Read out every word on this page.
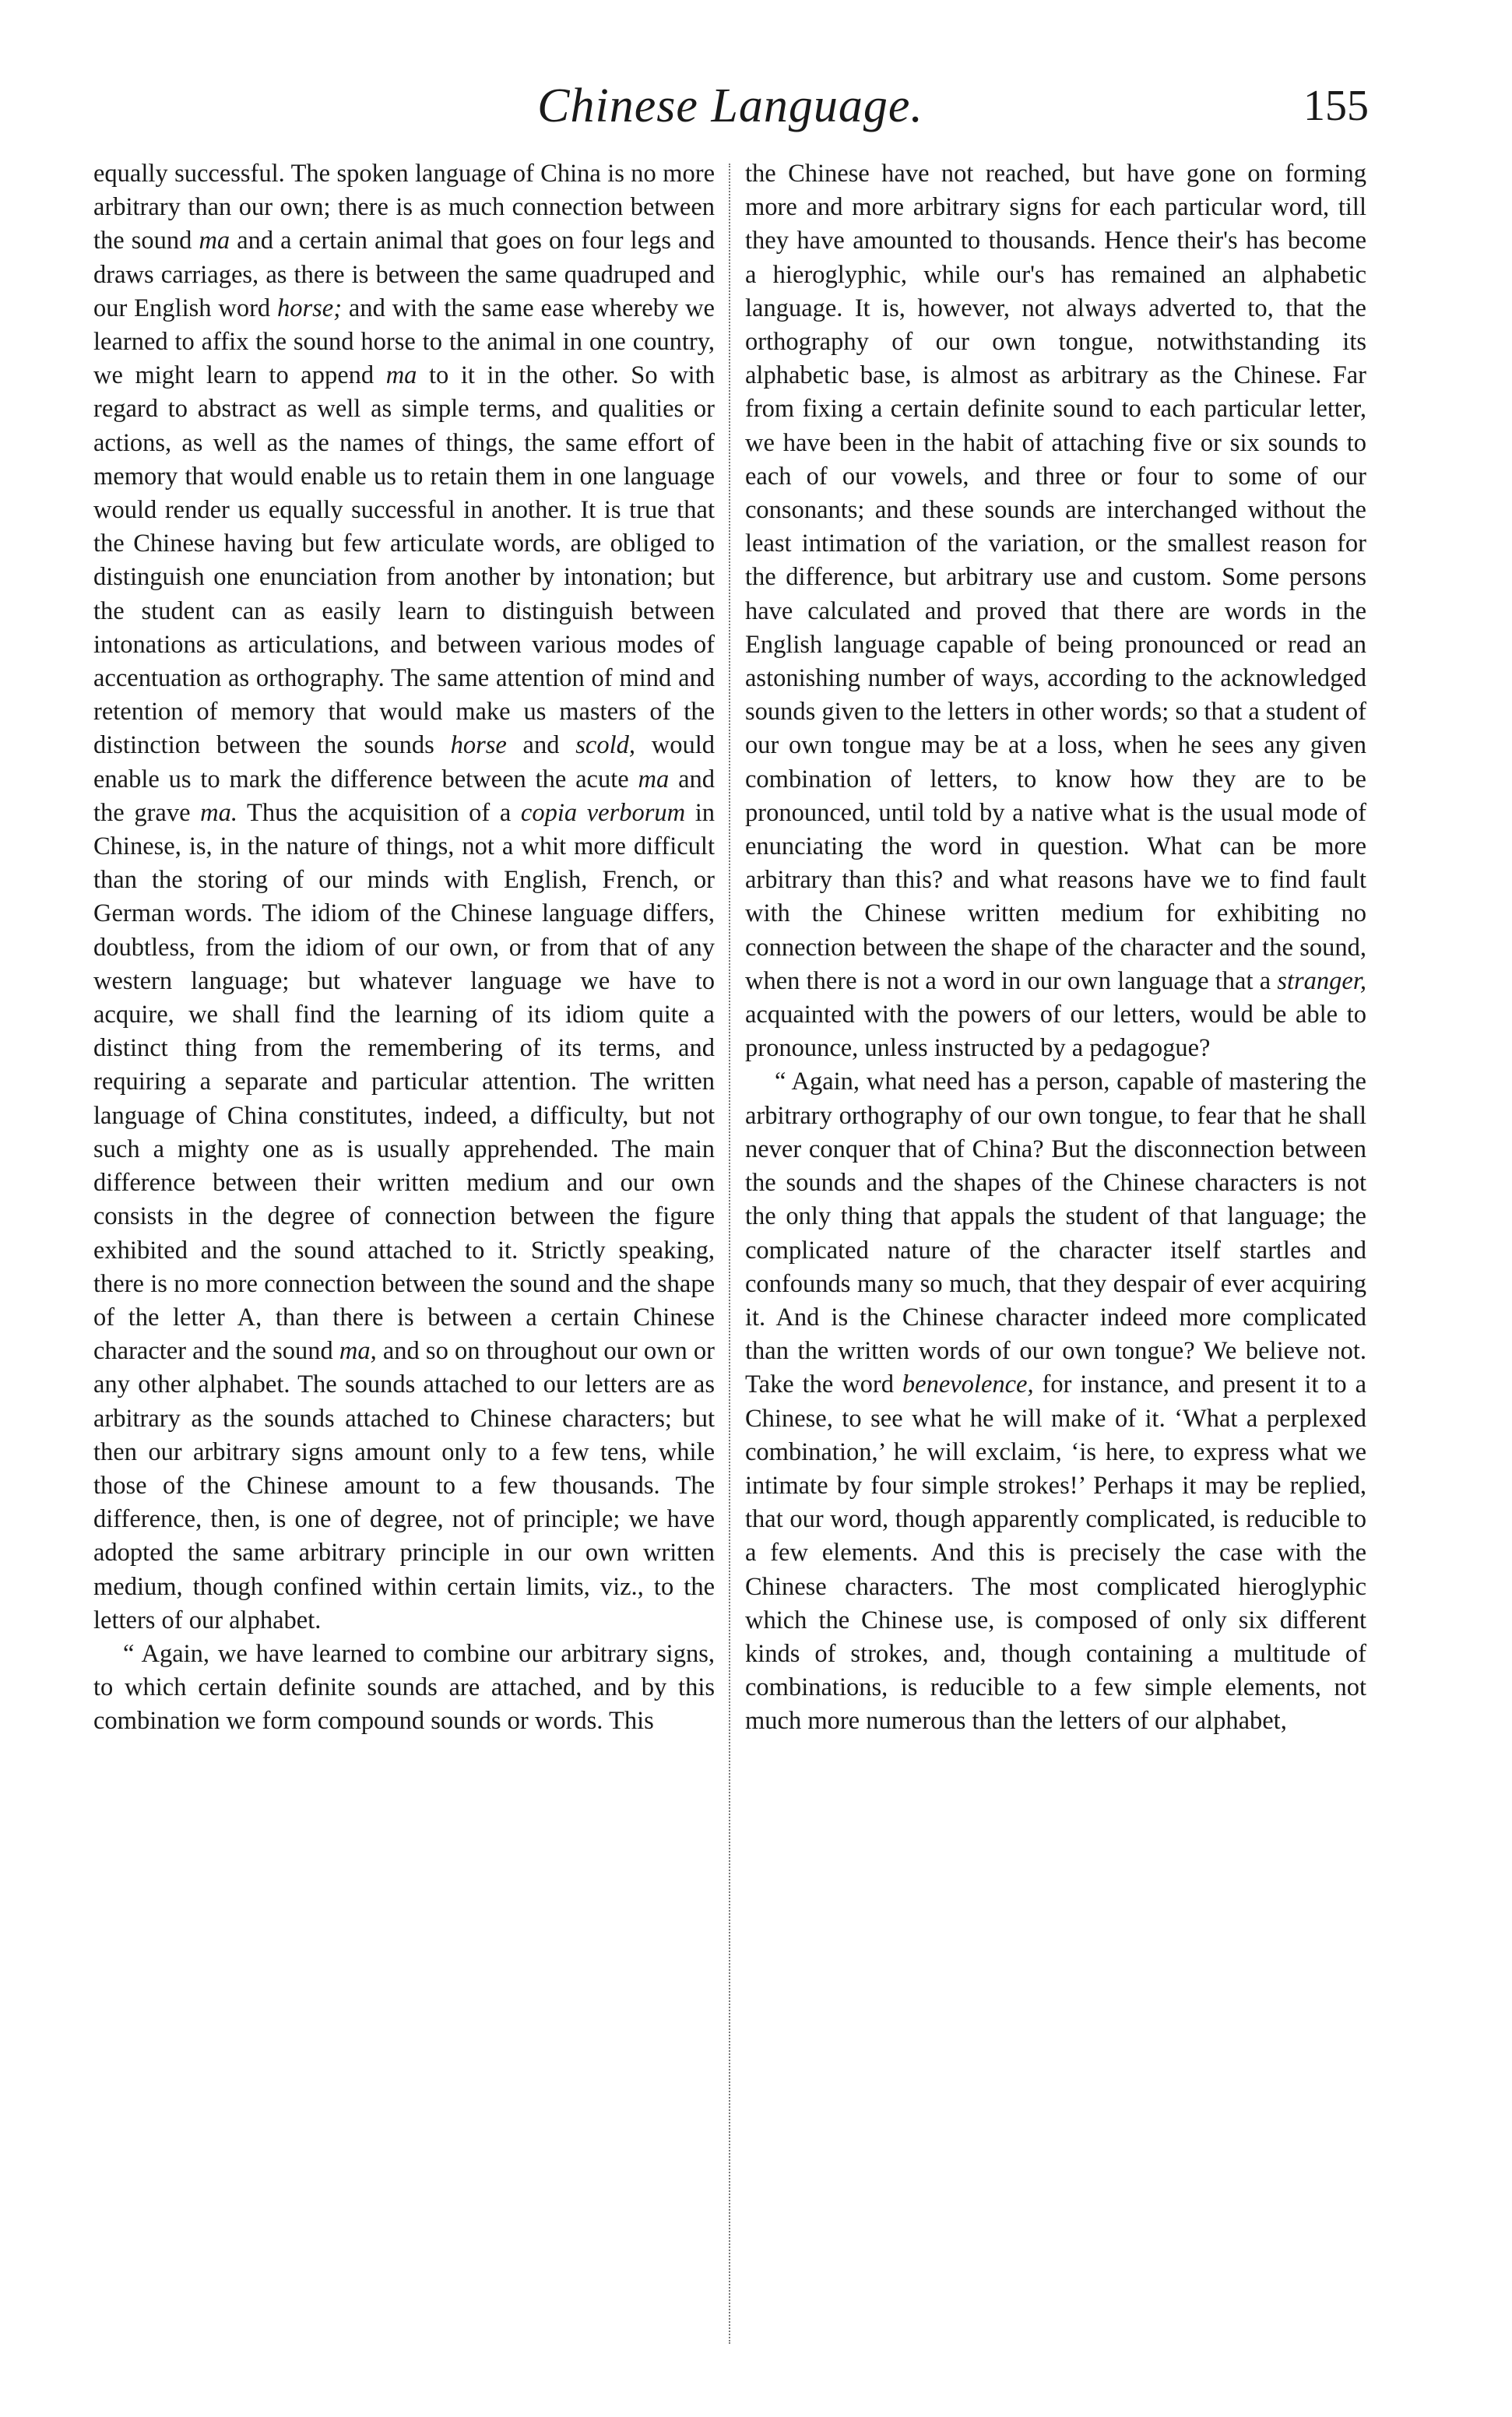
Chinese Language.	155

equally successful. The spoken language of China is no more arbitrary than our own; there is as much connection between the sound ma and a certain animal that goes on four legs and draws carriages, as there is between the same quadruped and our English word horse; and with the same ease whereby we learned to affix the sound horse to the animal in one country, we might learn to append ma to it in the other. So with regard to abstract as well as simple terms, and qualities or actions, as well as the names of things, the same effort of memory that would enable us to retain them in one language would render us equally successful in another. It is true that the Chinese having but few articulate words, are obliged to distinguish one enunciation from another by intonation; but the student can as easily learn to distinguish between intonations as articulations, and between various modes of accentuation as orthography. The same attention of mind and retention of memory that would make us masters of the distinction between the sounds horse and scold, would enable us to mark the difference between the acute ma and the grave ma. Thus the acquisition of a copia verborum in Chinese, is, in the nature of things, not a whit more difficult than the storing of our minds with English, French, or German words. The idiom of the Chinese language differs, doubtless, from the idiom of our own, or from that of any western language; but whatever language we have to acquire, we shall find the learning of its idiom quite a distinct thing from the remembering of its terms, and requiring a separate and particular attention. The written language of China constitutes, indeed, a difficulty, but not such a mighty one as is usually apprehended. The main difference between their written medium and our own consists in the degree of connection between the figure exhibited and the sound attached to it. Strictly speaking, there is no more connection between the sound and the shape of the letter A, than there is between a certain Chinese character and the sound ma, and so on throughout our own or any other alphabet. The sounds attached to our letters are as arbitrary as the sounds attached to Chinese characters; but then our arbitrary signs amount only to a few tens, while those of the Chinese amount to a few thousands. The difference, then, is one of degree, not of principle; we have adopted the same arbitrary principle in our own written medium, though confined within certain limits, viz., to the letters of our alphabet.

“ Again, we have learned to combine our arbitrary signs, to which certain definite sounds are attached, and by this combination we form compound sounds or words. This

the Chinese have not reached, but have gone on forming more and more arbitrary signs for each particular word, till they have amounted to thousands. Hence their's has become a hieroglyphic, while our's has remained an alphabetic language. It is, however, not always adverted to, that the orthography of our own tongue, notwithstanding its alphabetic base, is almost as arbitrary as the Chinese. Far from fixing a certain definite sound to each particular letter, we have been in the habit of attaching five or six sounds to each of our vowels, and three or four to some of our consonants; and these sounds are interchanged without the least intimation of the variation, or the smallest reason for the difference, but arbitrary use and custom. Some persons have calculated and proved that there are words in the English language capable of being pronounced or read an astonishing number of ways, according to the acknowledged sounds given to the letters in other words; so that a student of our own tongue may be at a loss, when he sees any given combination of letters, to know how they are to be pronounced, until told by a native what is the usual mode of enunciating the word in question. What can be more arbitrary than this? and what reasons have we to find fault with the Chinese written medium for exhibiting no connection between the shape of the character and the sound, when there is not a word in our own language that a stranger, acquainted with the powers of our letters, would be able to pronounce, unless instructed by a pedagogue?

“ Again, what need has a person, capable of mastering the arbitrary orthography of our own tongue, to fear that he shall never conquer that of China? But the disconnection between the sounds and the shapes of the Chinese characters is not the only thing that appals the student of that language; the complicated nature of the character itself startles and confounds many so much, that they despair of ever acquiring it. And is the Chinese character indeed more complicated than the written words of our own tongue? We believe not. Take the word benevolence, for instance, and present it to a Chinese, to see what he will make of it. ‘What a perplexed combination,’ he will exclaim, ‘is here, to express what we intimate by four simple strokes!’ Perhaps it may be replied, that our word, though apparently complicated, is reducible to a few elements. And this is precisely the case with the Chinese characters. The most complicated hieroglyphic which the Chinese use, is composed of only six different kinds of strokes, and, though containing a multitude of combinations, is reducible to a few simple elements, not much more numerous than the letters of our alphabet,
